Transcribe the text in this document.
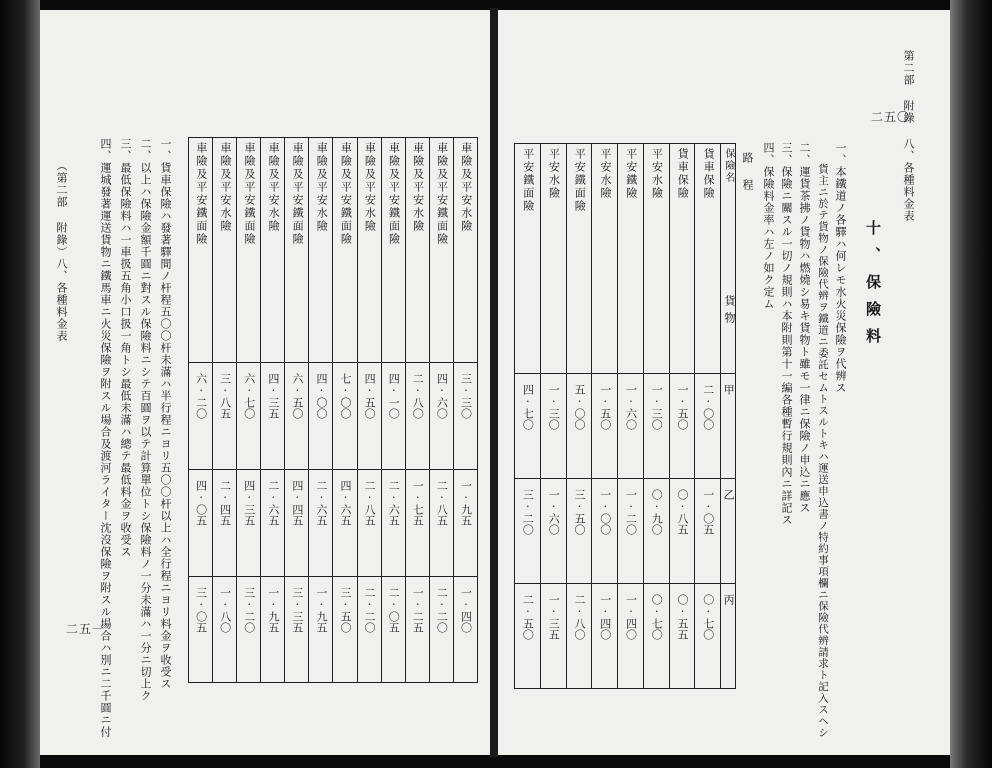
第二部 附錄 八、各種料金表
二五〇
十、保險料
一、本鐵道ノ各驛ハ何レモ水火災保險ヲ代辨ス
　貨主ニ於テ貨物ノ保險代辨ヲ鐵道ニ委託セムトスルトキハ運送申込書ノ特約事項欄ニ保險代辨請求ト記入スヘシ
二、運貨茶拂ノ貨物ハ燃燒シ易キ貨物ト雖モ一律ニ保險ノ申込ニ應ス
三、保險ニ關スル一切ノ規則ハ本附則第十一編各種暫行規則內ニ詳記ス
四、保險料金率ハ左ノ如ク定ム
平安鐵面險	平安水險	平安鐵面險	平安水險	平安鐵險	平安水險	貨車保險	貨車保險	保險名

四·七〇	一·三〇	五·〇〇	一·五〇	一·六〇	一·三〇	一·五〇	二·〇〇	甲

三·二〇	一·六〇	三·五〇	一·〇〇	一·二〇	〇·九〇	〇·八五	一·〇五	乙

二·五〇	一·三五	二·八〇	一·四〇	一·四〇	〇·七〇	〇·五五	〇·七〇	丙
路程
貨物
（第二部 附錄）八、各種料金表
二五一
四、運城發著運送貨物ニ鐵馬車ニ火災保險ヲ附スル場合及渡河ライター沈沒保險ヲ附スル場合ハ別ニ二千圓ニ付 三、最低保險料ハ一車扱五角小口扱一角トシ最低未滿ハ總テ最低料金ヲ收受ス 二、以上ハ保險金額千圓ニ對スル保險料ニシテ百圓ヲ以テ計算單位トシ保險料ノ一分未滿ハ一分ニ切上ク 一、貨車保險ハ發著驛間ノ杆程五〇〇杆未滿ハ半行程ニヨリ五〇〇杆以上ハ全行程ニヨリ料金ヲ收受ス 車險及平安鐵面險	車險及平安水險	車險及平安鐵面險	車險及平安水險	車險及平安鐵面險	車險及平安水險	車險及平安鐵面險	車險及平安水險	車險及平安鐵面險	車險及平安水險	車險及平安鐵面險	車險及平安水險

六·二〇	三·八五	六·七〇	四·三五	六·五〇	四·〇〇	七·〇〇	四·五〇	四·一〇	二·八〇	四·六〇	三·三〇

四·〇五	二·四五	四·三五	二·六五	四·四五	二·六五	四·六五	二·八五	二·六五	一·七五	二·八五	一·九五

三·〇五	一·八〇	三·二〇	一·九五	三·三五	一·九五	三·五〇	二·二〇	二·〇五	一·二五	二·二〇	一·四〇
